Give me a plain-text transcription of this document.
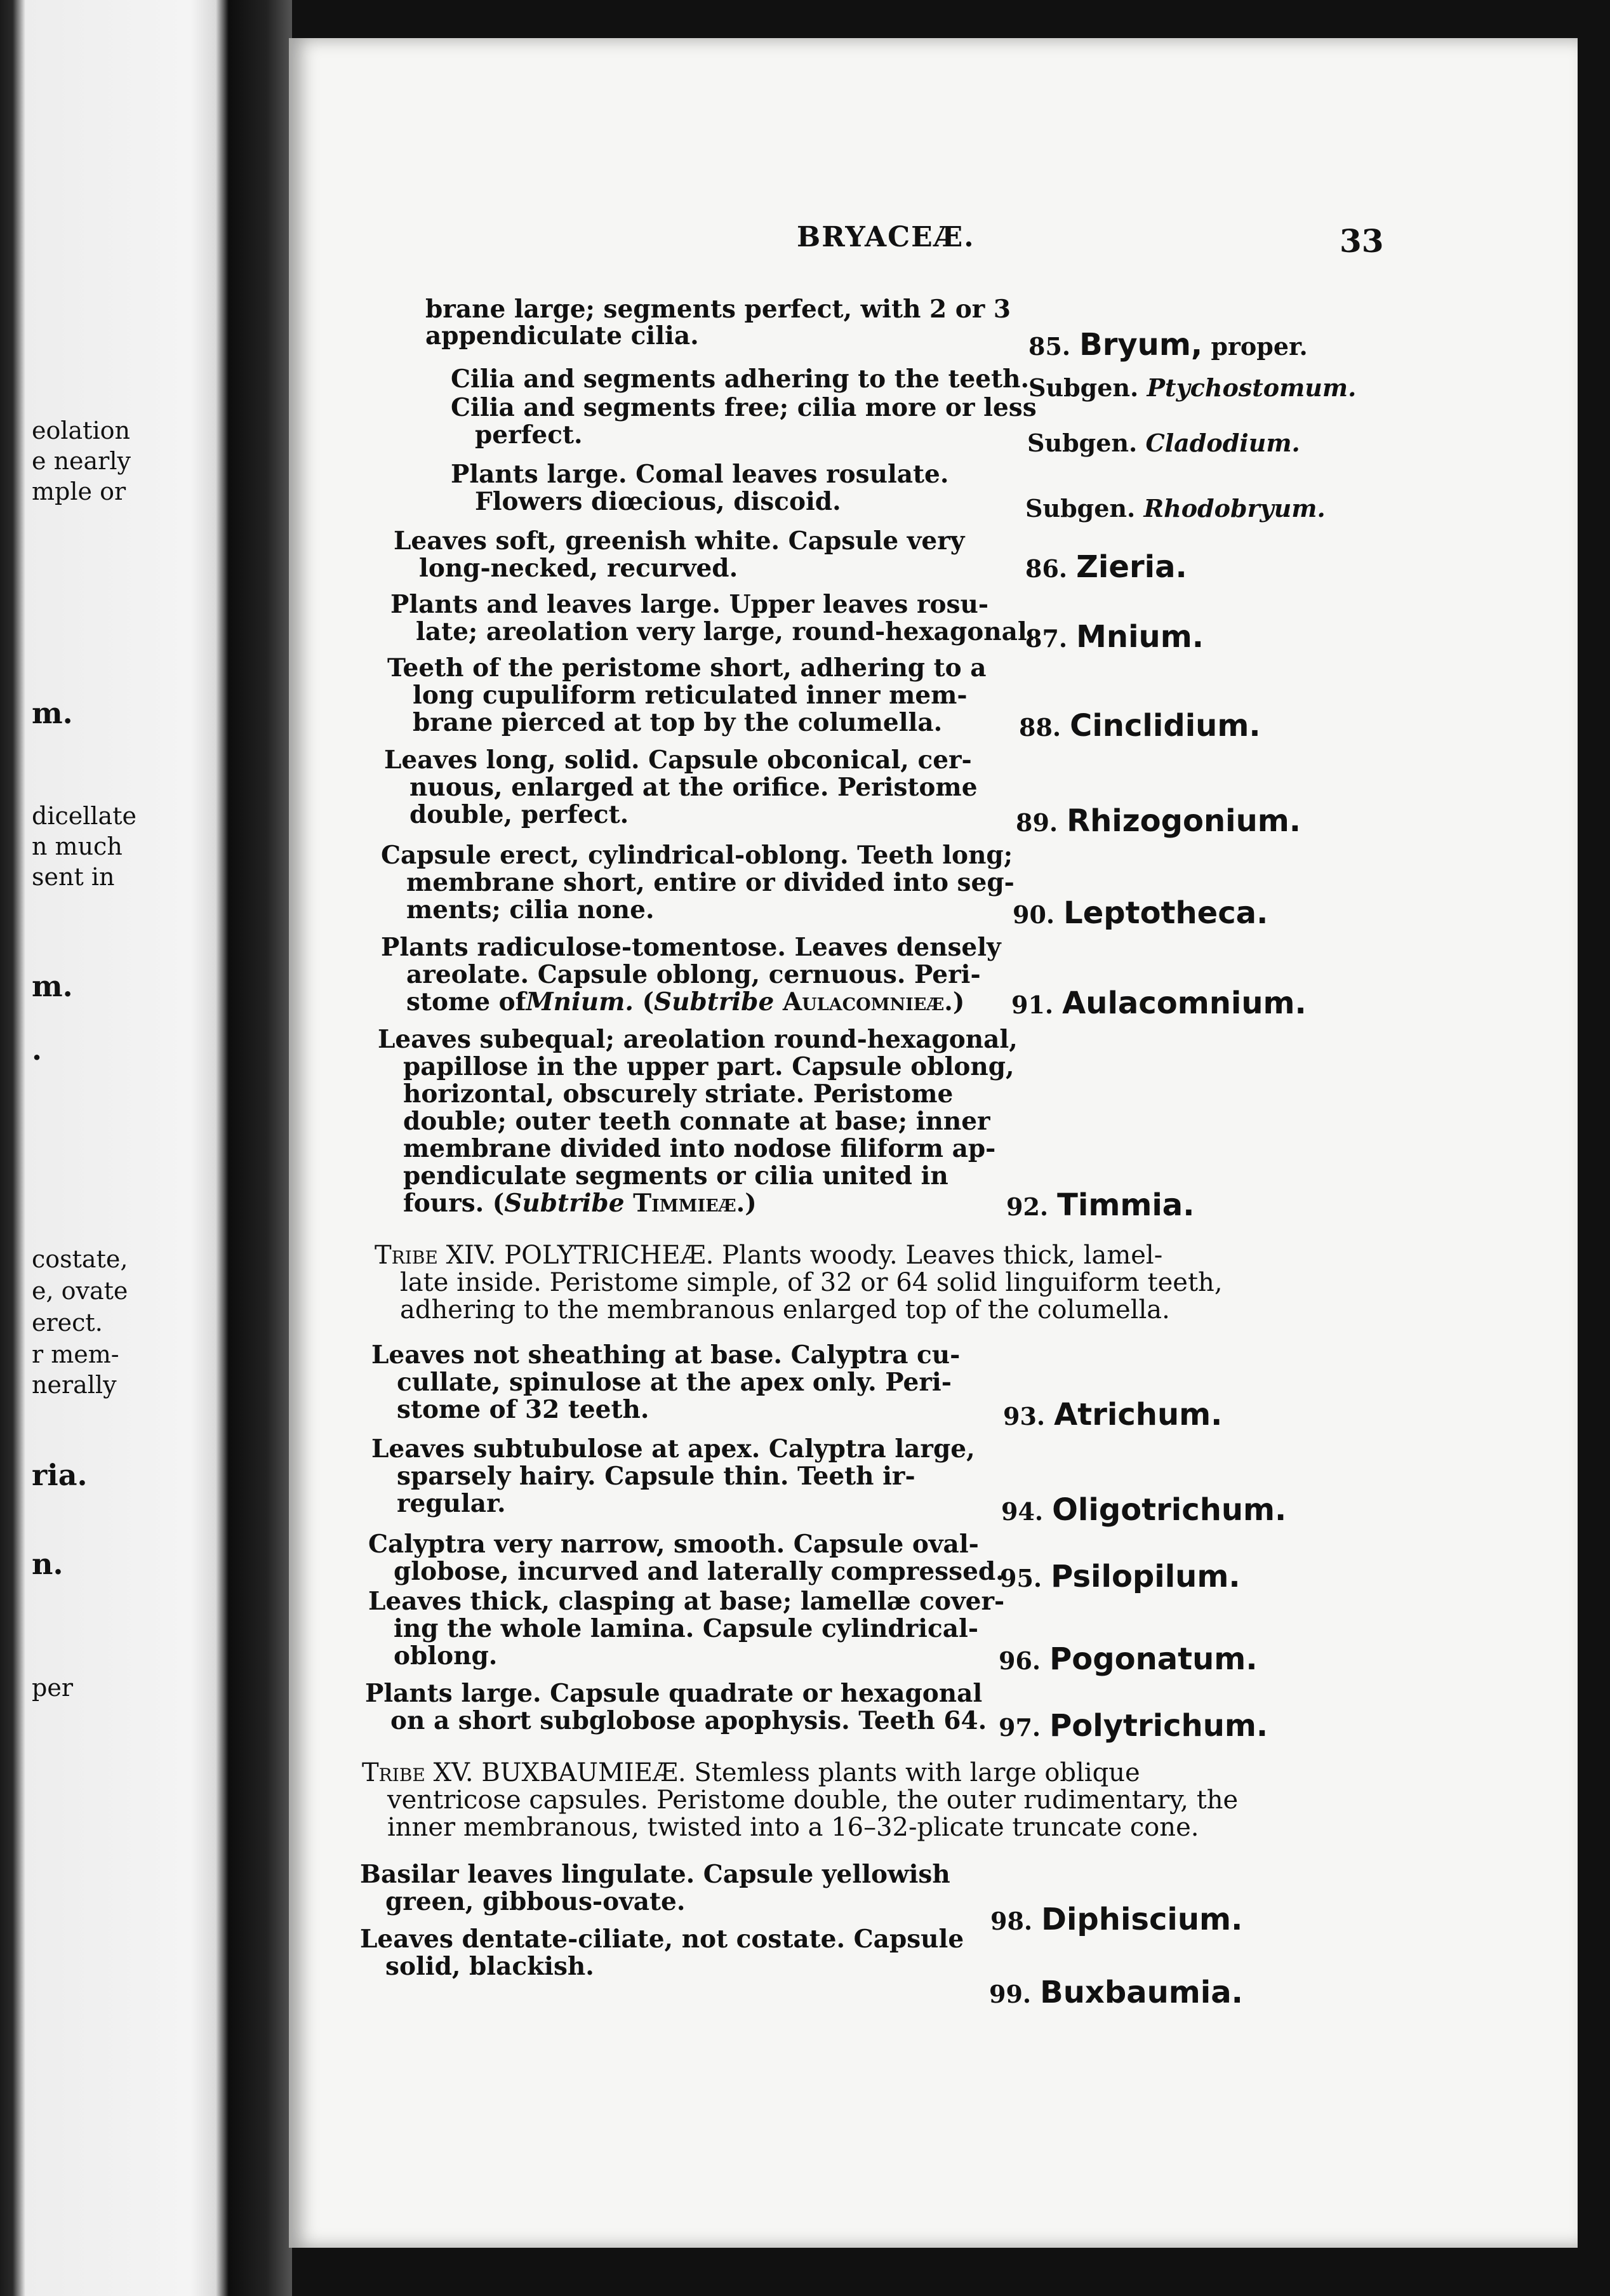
eolation
e nearly
mple or
m.
dicellate
n much
sent in
m.
.
costate,
e, ovate
erect.
r mem-
nerally
ria.
n.
per
BRYACEÆ.	33
brane large; segments perfect, with 2 or 3
appendiculate cilia.
Cilia and segments adhering to the teeth.
Cilia and segments free; cilia more or less
perfect.
Plants large. Comal leaves rosulate.
Flowers diœcious, discoid.
Leaves soft, greenish white. Capsule very
long-necked, recurved.
Plants and leaves large. Upper leaves rosu-
late; areolation very large, round-hexagonal.
Teeth of the peristome short, adhering to a
long cupuliform reticulated inner mem-
brane pierced at top by the columella.
Leaves long, solid. Capsule obconical, cer-
nuous, enlarged at the orifice. Peristome
double, perfect.
Capsule erect, cylindrical-oblong. Teeth long;
membrane short, entire or divided into seg-
ments; cilia none.
Plants radiculose-tomentose. Leaves densely
areolate. Capsule oblong, cernuous. Peri-
stome ofMnium. (Subtribe Aulacomnieæ.)
Leaves subequal; areolation round-hexagonal,
papillose in the upper part. Capsule oblong,
horizontal, obscurely striate. Peristome
double; outer teeth connate at base; inner
membrane divided into nodose filiform ap-
pendiculate segments or cilia united in
fours. (Subtribe Timmieæ.)
Tribe XIV. POLYTRICHEÆ. Plants woody. Leaves thick, lamel-
late inside. Peristome simple, of 32 or 64 solid linguiform teeth,
adhering to the membranous enlarged top of the columella.
Leaves not sheathing at base. Calyptra cu-
cullate, spinulose at the apex only. Peri-
stome of 32 teeth.
Leaves subtubulose at apex. Calyptra large,
sparsely hairy. Capsule thin. Teeth ir-
regular.
Calyptra very narrow, smooth. Capsule oval-
globose, incurved and laterally compressed.
Leaves thick, clasping at base; lamellæ cover-
ing the whole lamina. Capsule cylindrical-
oblong.
Plants large. Capsule quadrate or hexagonal
on a short subglobose apophysis. Teeth 64.
Tribe XV. BUXBAUMIEÆ. Stemless plants with large oblique
ventricose capsules. Peristome double, the outer rudimentary, the
inner membranous, twisted into a 16–32-plicate truncate cone.
Basilar leaves lingulate. Capsule yellowish
green, gibbous-ovate.
Leaves dentate-ciliate, not costate. Capsule
solid, blackish.
85. Bryum, proper.
Subgen. Ptychostomum.
Subgen. Cladodium.
Subgen. Rhodobryum.
86. Zieria.
87. Mnium.
88. Cinclidium.
89. Rhizogonium.
90. Leptotheca.
91. Aulacomnium.
92. Timmia.
93. Atrichum.
94. Oligotrichum.
95. Psilopilum.
96. Pogonatum.
97. Polytrichum.
98. Diphiscium.
99. Buxbaumia.
